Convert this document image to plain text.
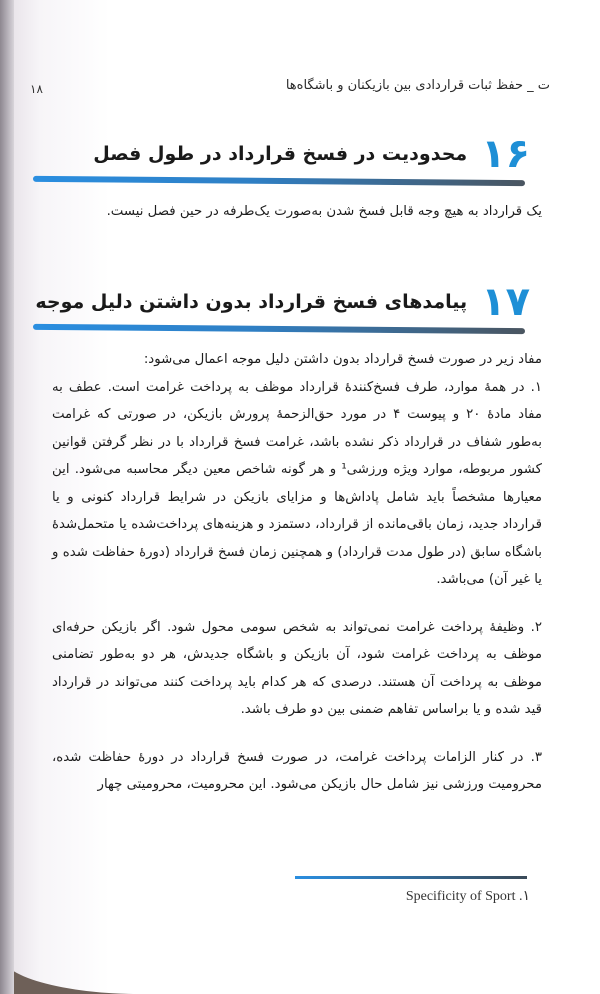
ت _ حفظ ثبات قراردادی بین بازیکنان و باشگاه‌ها
۱۸
۱۶
محدودیت در فسخ قرارداد در طول فصل

یک قرارداد به هیچ وجه قابل فسخ شدن به‌صورت یک‌طرفه در حین فصل نیست.

۱۷
پیامدهای فسخ قرارداد بدون داشتن دلیل موجه

مفاد زیر در صورت فسخ قرارداد بدون داشتن دلیل موجه اعمال می‌شود:

۱. در همهٔ موارد، طرف فسخ‌کنندهٔ قرارداد موظف به پرداخت غرامت است. عطف به مفاد مادهٔ ۲۰ و پیوست ۴ در مورد حق‌الزحمهٔ پرورش بازیکن، در صورتی که غرامت به‌طور شفاف در قرارداد ذکر نشده باشد، غرامت فسخ قرارداد با در نظر گرفتن قوانین کشور مربوطه، موارد ویژه ورزشی¹ و هر گونه شاخص معین دیگر محاسبه می‌شود. این معیارها مشخصاً باید شامل پاداش‌ها و مزایای بازیکن در شرایط قرارداد کنونی و یا قرارداد جدید، زمان باقی‌مانده از قرارداد، دستمزد و هزینه‌های پرداخت‌شده یا متحمل‌شدهٔ باشگاه سابق (در طول مدت قرارداد) و همچنین زمان فسخ قرارداد (دورهٔ حفاظت شده و یا غیر آن) می‌باشد.

۲. وظیفهٔ پرداخت غرامت نمی‌تواند به شخص سومی محول شود. اگر بازیکن حرفه‌ای موظف به پرداخت غرامت شود، آن بازیکن و باشگاه جدیدش، هر دو به‌طور تضامنی موظف به پرداخت آن هستند. درصدی که هر کدام باید پرداخت کنند می‌تواند در قرارداد قید شده و یا براساس تفاهم ضمنی بین دو طرف باشد.

۳. در کنار الزامات پرداخت غرامت، در صورت فسخ قرارداد در دورهٔ حفاظت شده، محرومیت ورزشی نیز شامل حال بازیکن می‌شود. این محرومیت، محرومیتی چهار

Specificity of Sport .۱
